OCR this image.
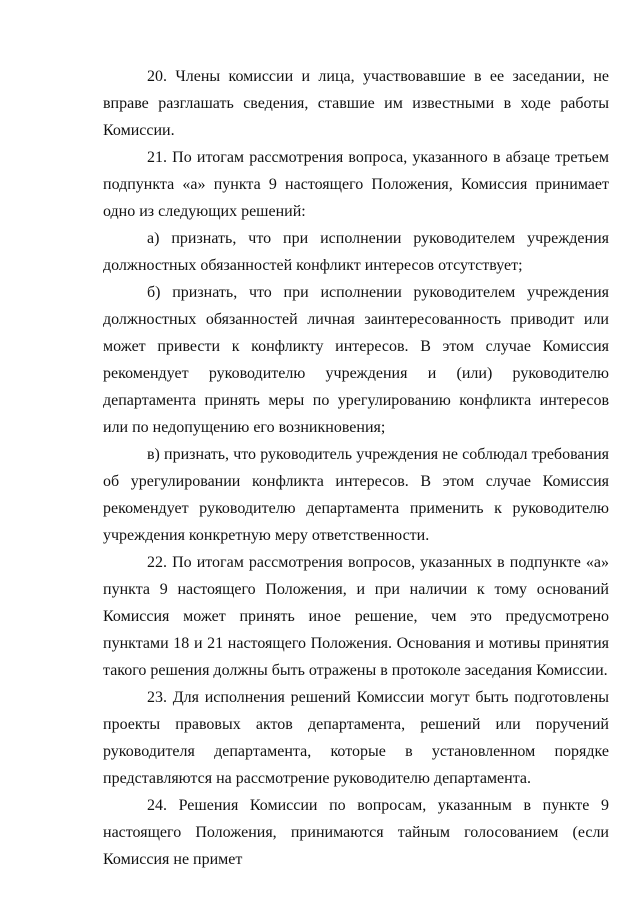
20. Члены комиссии и лица, участвовавшие в ее заседании, не вправе разглашать сведения, ставшие им известными в ходе работы Комиссии.

21. По итогам рассмотрения вопроса, указанного в абзаце третьем подпункта «а» пункта 9 настоящего Положения, Комиссия принимает одно из следующих решений:

а) признать, что при исполнении руководителем учреждения должностных обязанностей конфликт интересов отсутствует;

б) признать, что при исполнении руководителем учреждения должностных обязанностей личная заинтересованность приводит или может привести к конфликту интересов. В этом случае Комиссия рекомендует руководителю учреждения и (или) руководителю департамента принять меры по урегулированию конфликта интересов или по недопущению его возникновения;

в) признать, что руководитель учреждения не соблюдал требования об урегулировании конфликта интересов. В этом случае Комиссия рекомендует руководителю департамента применить к руководителю учреждения конкретную меру ответственности.

22. По итогам рассмотрения вопросов, указанных в подпункте «а» пункта 9 настоящего Положения, и при наличии к тому оснований Комиссия может принять иное решение, чем это предусмотрено пунктами 18 и 21 настоящего Положения. Основания и мотивы принятия такого решения должны быть отражены в протоколе заседания Комиссии.

23. Для исполнения решений Комиссии могут быть подготовлены проекты правовых актов департамента, решений или поручений руководителя департамента, которые в установленном порядке представляются на рассмотрение руководителю департамента.

24. Решения Комиссии по вопросам, указанным в пункте 9 настоящего Положения, принимаются тайным голосованием (если Комиссия не примет
